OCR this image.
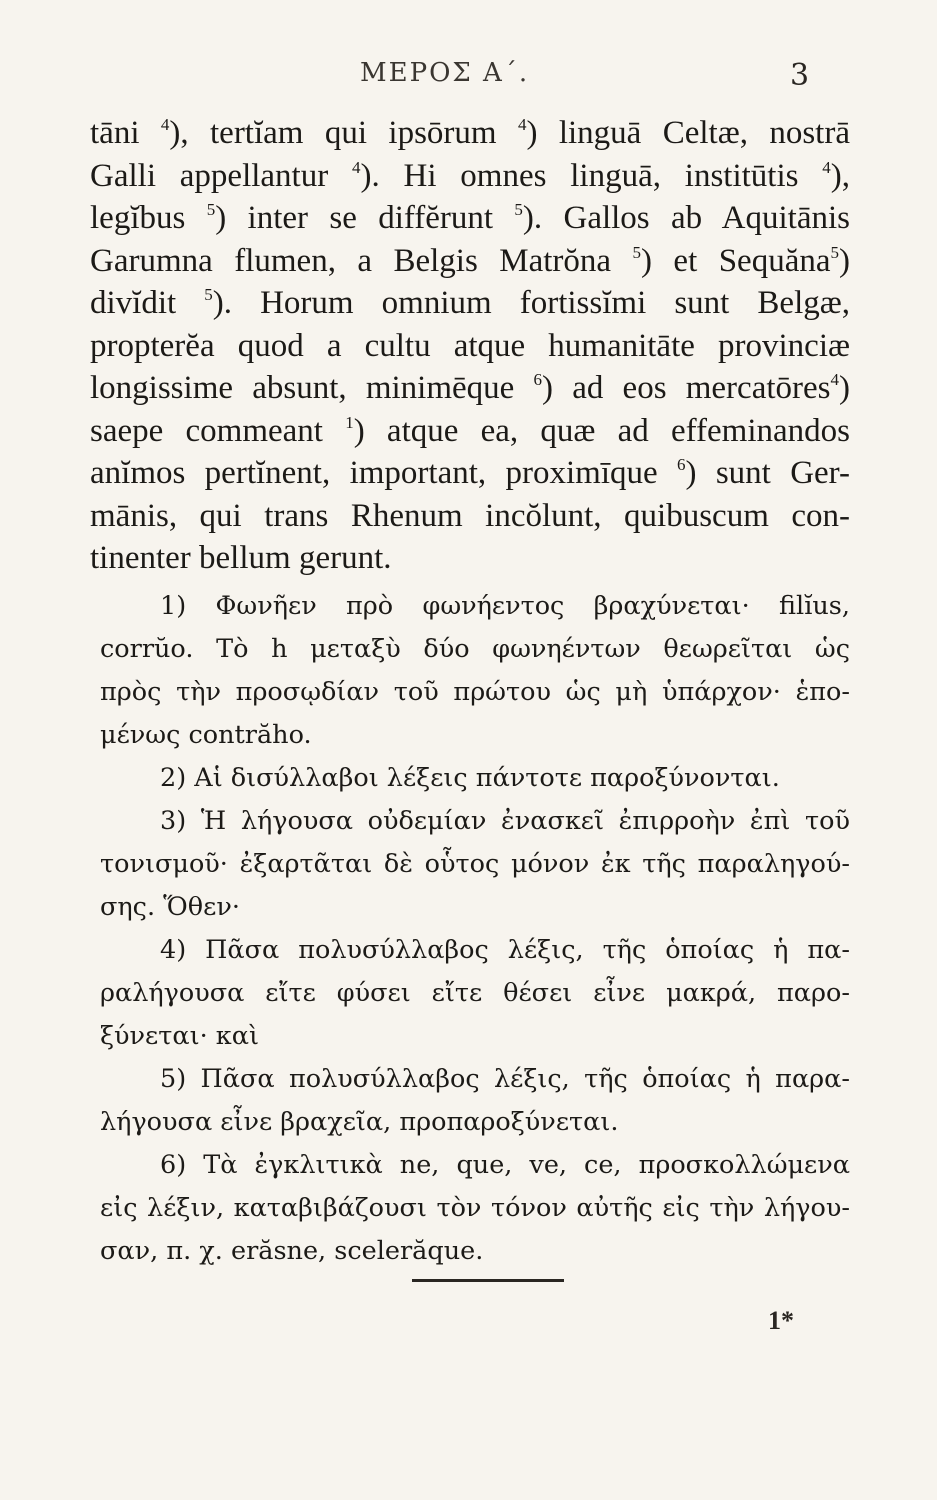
ΜΕΡΟΣ Α΄.	3
tāni $^4$), tertĭam qui ipsōrum $^4$) linguā Celtæ, nostrā
Galli appellantur $^4$). Hi omnes linguā, institūtis $^4$),
legĭbus $^5$) inter se diffĕrunt $^5$). Gallos ab Aquitānis
Garumna flumen, a Belgis Matrŏna $^5$) et Sequăna$^5$)
divĭdit $^5$). Horum omnium fortissĭmi sunt Belgæ,
propterĕa quod a cultu atque humanitāte provinciæ
longissime absunt, minimēque $^6$) ad eos mercatōres$^4$)
saepe commeant $^1$) atque ea, quæ ad effeminandos
anĭmos pertĭnent, important, proximīque $^6$) sunt Ger-
mānis, qui trans Rhenum incŏlunt, quibuscum con-
tinenter bellum gerunt.
1) Φωνῆεν πρὸ φωνήεντος βραχύνεται· filĭus,
corrŭo. Τὸ h μεταξὺ δύο φωνηέντων θεωρεῖται ὡς
πρὸς τὴν προσῳδίαν τοῦ πρώτου ὡς μὴ ὑπάρχον· ἑπο-
μένως contrăho.
2) Αἱ δισύλλαβοι λέξεις πάντοτε παροξύνονται.
3) Ἡ λήγουσα οὐδεμίαν ἐνασκεῖ ἐπιρροὴν ἐπὶ τοῦ
τονισμοῦ· ἐξαρτᾶται δὲ οὗτος μόνον ἐκ τῆς παραληγού-
σης. Ὅθεν·
4) Πᾶσα πολυσύλλαβος λέξις, τῆς ὁποίας ἡ πα-
ραλήγουσα εἴτε φύσει εἴτε θέσει εἶνε μακρά, παρο-
ξύνεται· καὶ
5) Πᾶσα πολυσύλλαβος λέξις, τῆς ὁποίας ἡ παρα-
λήγουσα εἶνε βραχεῖα, προπαροξύνεται.
6) Τὰ ἐγκλιτικὰ ne, que, ve, ce, προσκολλώμενα
εἰς λέξιν, καταβιβάζουσι τὸν τόνον αὐτῆς εἰς τὴν λήγου-
σαν, π. χ. erăsne, scelerăque.
1*
